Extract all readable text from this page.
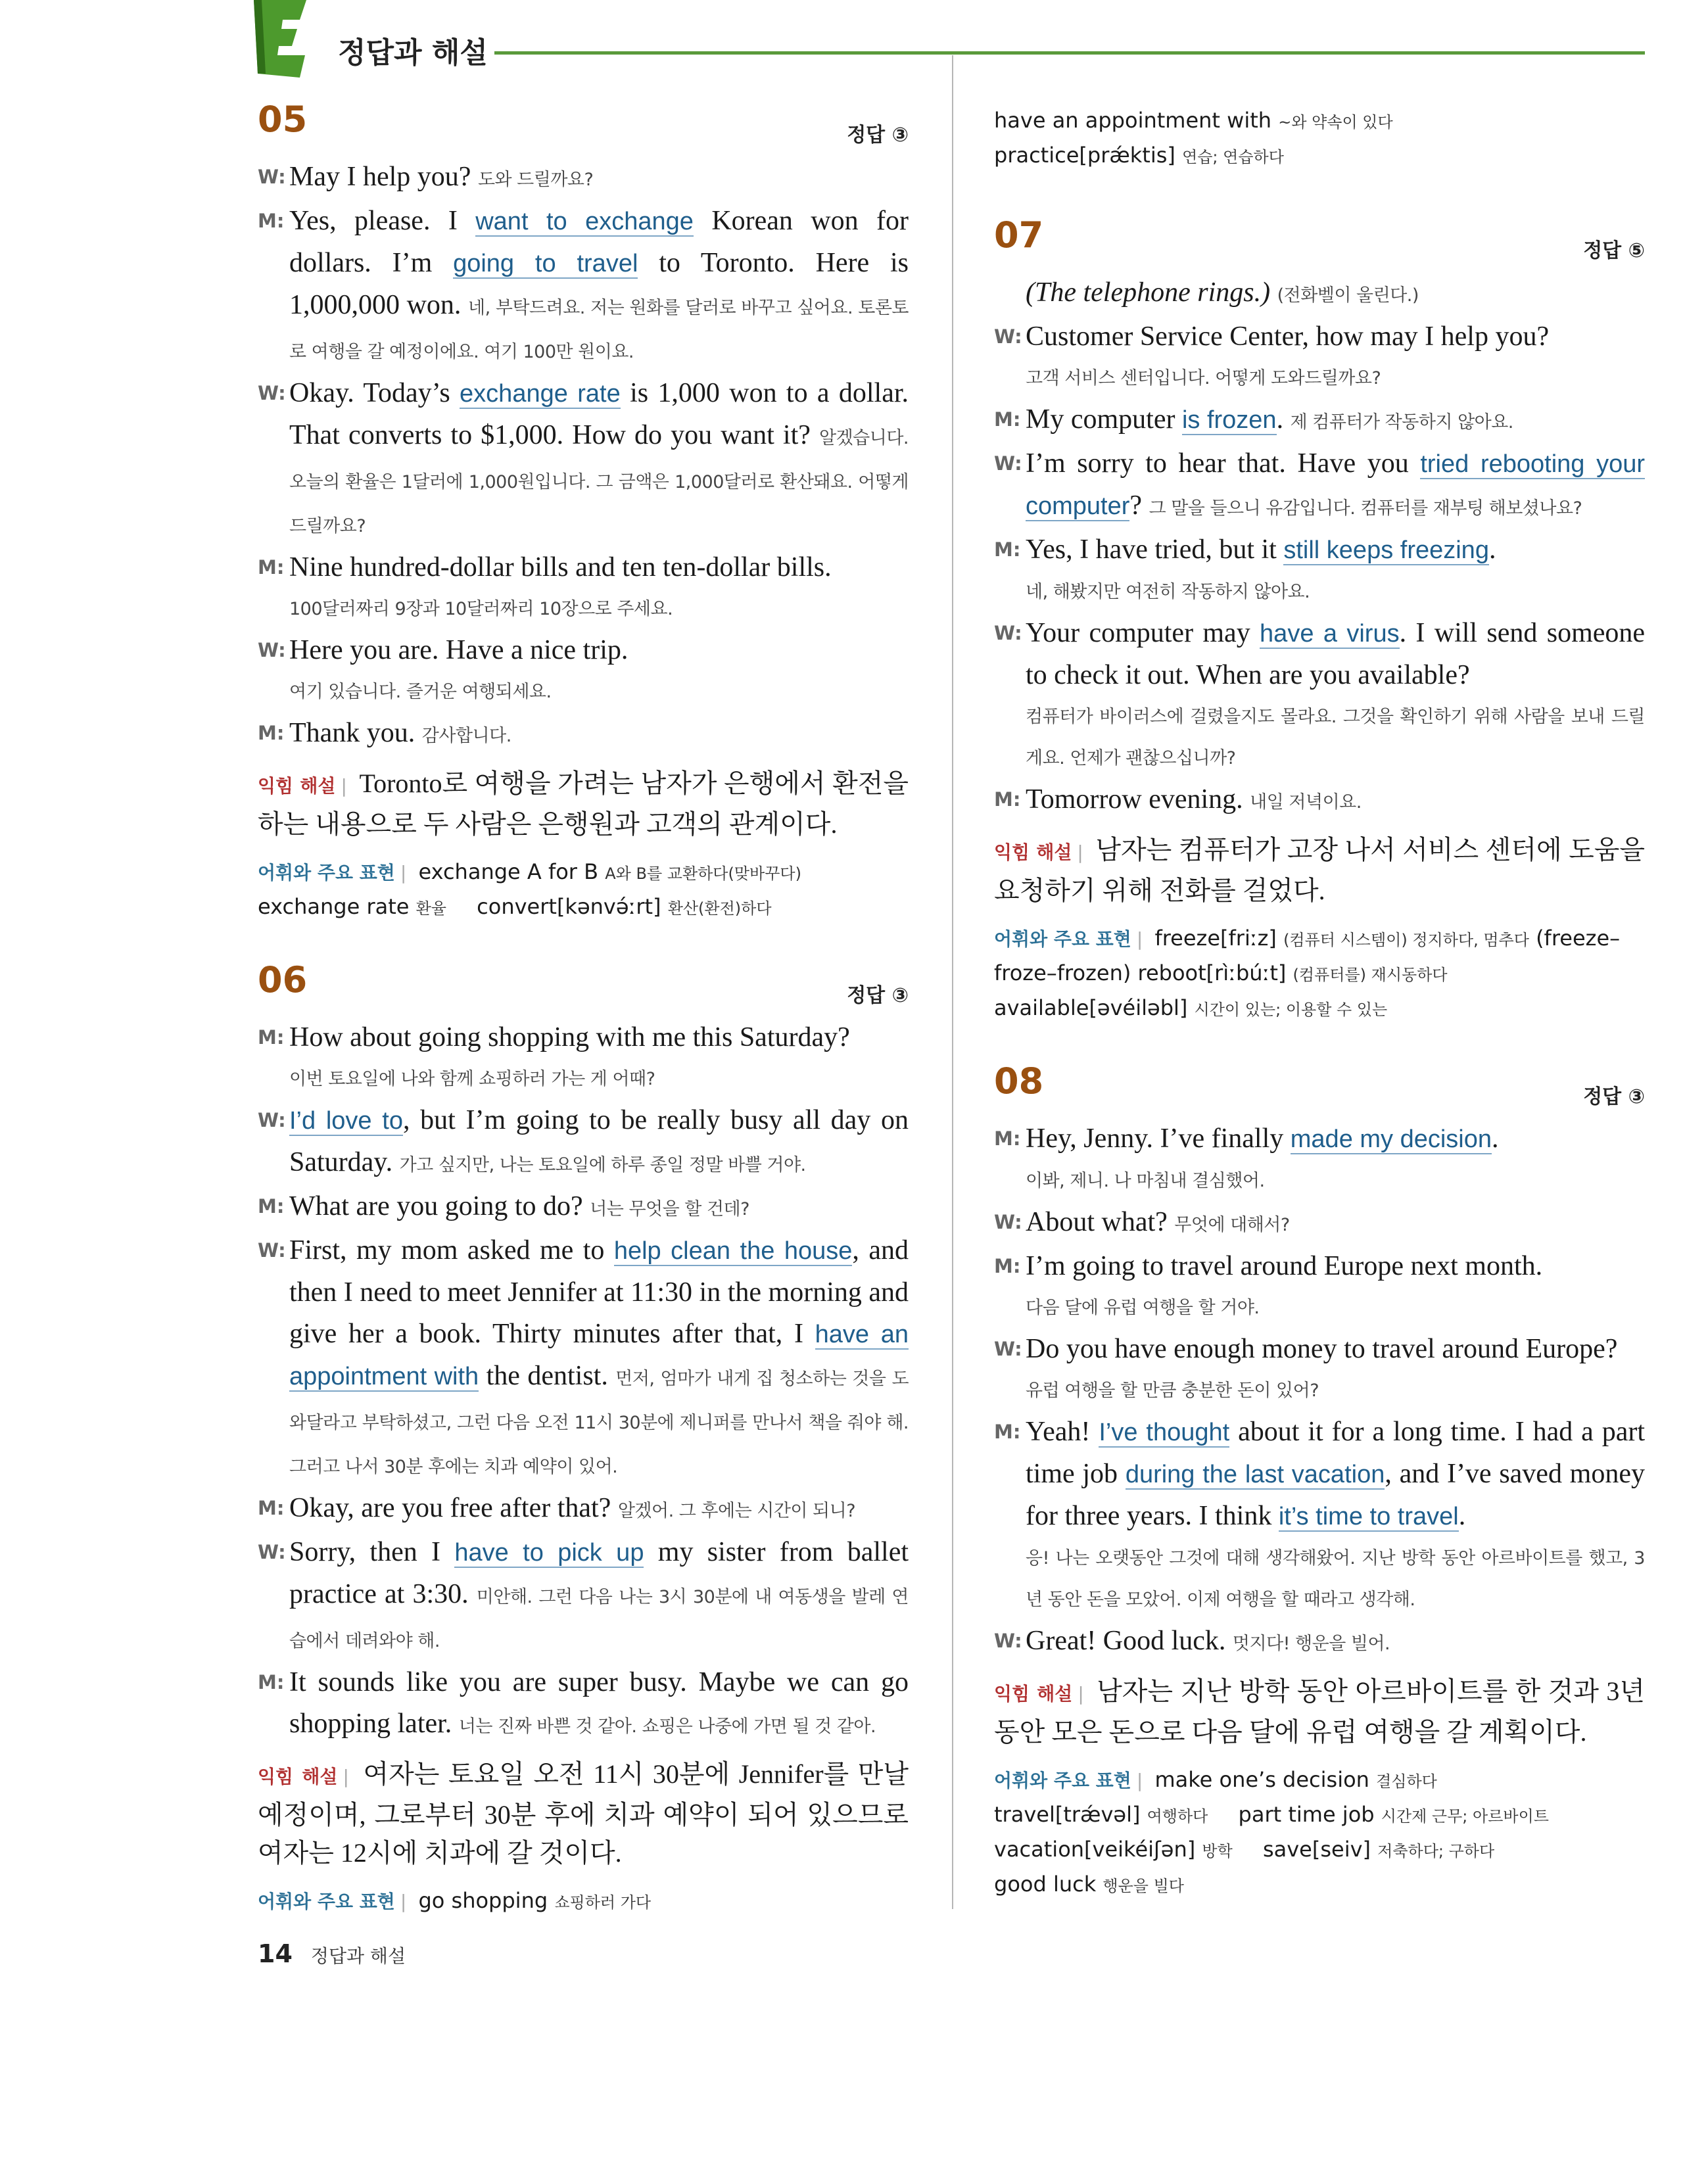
정답과 해설
05	정답 ③
W: May I help you? 도와 드릴까요?
M: Yes, please. I want to exchange Korean won for dollars. I’m going to travel to Toronto. Here is 1,000,000 won. 네, 부탁드려요. 저는 원화를 달러로 바꾸고 싶어요. 토론토로 여행을 갈 예정이에요. 여기 100만 원이요.
W: Okay. Today’s exchange rate is 1,000 won to a dollar. That converts to $1,000. How do you want it? 알겠습니다. 오늘의 환율은 1달러에 1,000원입니다. 그 금액은 1,000달러로 환산돼요. 어떻게 드릴까요?
M: Nine hundred-dollar bills and ten ten-dollar bills.
100달러짜리 9장과 10달러짜리 10장으로 주세요.
W: Here you are. Have a nice trip.
여기 있습니다. 즐거운 여행되세요.
M: Thank you. 감사합니다.
익힘 해설 | Toronto로 여행을 가려는 남자가 은행에서 환전을 하는 내용으로 두 사람은 은행원과 고객의 관계이다.
어휘와 주요 표현 | exchange A for B A와 B를 교환하다(맞바꾸다)
exchange rate 환율 convert[kənvə́ːrt] 환산(환전)하다
06	정답 ③
M: How about going shopping with me this Saturday?
이번 토요일에 나와 함께 쇼핑하러 가는 게 어때?
W: I’d love to, but I’m going to be really busy all day on Saturday. 가고 싶지만, 나는 토요일에 하루 종일 정말 바쁠 거야.
M: What are you going to do? 너는 무엇을 할 건데?
W: First, my mom asked me to help clean the house, and then I need to meet Jennifer at 11:30 in the morning and give her a book. Thirty minutes after that, I have an appointment with the dentist. 먼저, 엄마가 내게 집 청소하는 것을 도와달라고 부탁하셨고, 그런 다음 오전 11시 30분에 제니퍼를 만나서 책을 줘야 해. 그러고 나서 30분 후에는 치과 예약이 있어.
M: Okay, are you free after that? 알겠어. 그 후에는 시간이 되니?
W: Sorry, then I have to pick up my sister from ballet practice at 3:30. 미안해. 그런 다음 나는 3시 30분에 내 여동생을 발레 연습에서 데려와야 해.
M: It sounds like you are super busy. Maybe we can go shopping later. 너는 진짜 바쁜 것 같아. 쇼핑은 나중에 가면 될 것 같아.
익힘 해설 | 여자는 토요일 오전 11시 30분에 Jennifer를 만날 예정이며, 그로부터 30분 후에 치과 예약이 되어 있으므로 여자는 12시에 치과에 갈 것이다.
어휘와 주요 표현 | go shopping 쇼핑하러 가다
have an appointment with ~와 약속이 있다
practice[prǽktis] 연습; 연습하다
07	정답 ⑤
(The telephone rings.) (전화벨이 울린다.)
W: Customer Service Center, how may I help you?
고객 서비스 센터입니다. 어떻게 도와드릴까요?
M: My computer is frozen. 제 컴퓨터가 작동하지 않아요.
W: I’m sorry to hear that. Have you tried rebooting your computer? 그 말을 들으니 유감입니다. 컴퓨터를 재부팅 해보셨나요?
M: Yes, I have tried, but it still keeps freezing.
네, 해봤지만 여전히 작동하지 않아요.
W: Your computer may have a virus. I will send someone to check it out. When are you available?
컴퓨터가 바이러스에 걸렸을지도 몰라요. 그것을 확인하기 위해 사람을 보내 드릴게요. 언제가 괜찮으십니까?
M: Tomorrow evening. 내일 저녁이요.
익힘 해설 | 남자는 컴퓨터가 고장 나서 서비스 센터에 도움을 요청하기 위해 전화를 걸었다.
어휘와 주요 표현 | freeze[friːz] (컴퓨터 시스템이) 정지하다, 멈추다 (freeze–froze–frozen) reboot[rìːbúːt] (컴퓨터를) 재시동하다
available[əvéiləbl] 시간이 있는; 이용할 수 있는
08	정답 ③
M: Hey, Jenny. I’ve finally made my decision.
이봐, 제니. 나 마침내 결심했어.
W: About what? 무엇에 대해서?
M: I’m going to travel around Europe next month.
다음 달에 유럽 여행을 할 거야.
W: Do you have enough money to travel around Europe?
유럽 여행을 할 만큼 충분한 돈이 있어?
M: Yeah! I’ve thought about it for a long time. I had a part time job during the last vacation, and I’ve saved money for three years. I think it’s time to travel.
응! 나는 오랫동안 그것에 대해 생각해왔어. 지난 방학 동안 아르바이트를 했고, 3년 동안 돈을 모았어. 이제 여행을 할 때라고 생각해.
W: Great! Good luck. 멋지다! 행운을 빌어.
익힘 해설 | 남자는 지난 방학 동안 아르바이트를 한 것과 3년 동안 모은 돈으로 다음 달에 유럽 여행을 갈 계획이다.
어휘와 주요 표현 | make one’s decision 결심하다
travel[trǽvəl] 여행하다 part time job 시간제 근무; 아르바이트
vacation[veikéiʃən] 방학 save[seiv] 저축하다; 구하다
good luck 행운을 빌다
14 정답과 해설
